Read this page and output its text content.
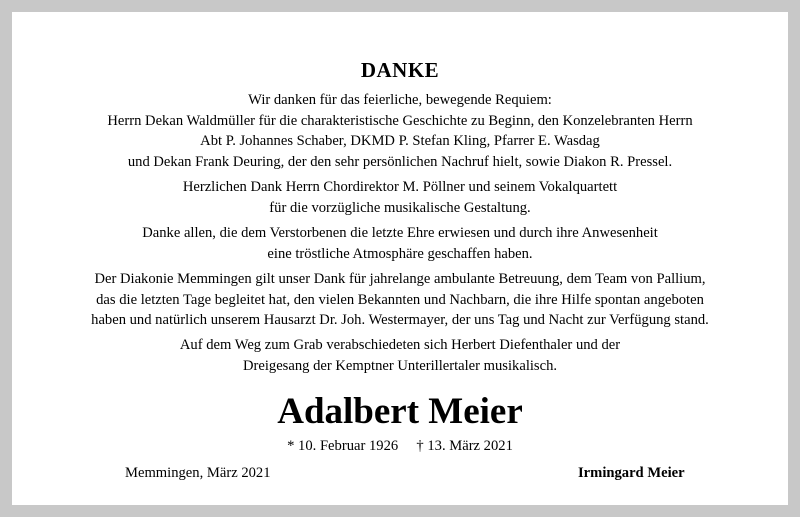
DANKE
Wir danken für das feierliche, bewegende Requiem:
Herrn Dekan Waldmüller für die charakteristische Geschichte zu Beginn, den Konzelebranten Herrn
Abt P. Johannes Schaber, DKMD P. Stefan Kling, Pfarrer E. Wasdag
und Dekan Frank Deuring, der den sehr persönlichen Nachruf hielt, sowie Diakon R. Pressel.
Herzlichen Dank Herrn Chordirektor M. Pöllner und seinem Vokalquartett
für die vorzügliche musikalische Gestaltung.
Danke allen, die dem Verstorbenen die letzte Ehre erwiesen und durch ihre Anwesenheit
eine tröstliche Atmosphäre geschaffen haben.
Der Diakonie Memmingen gilt unser Dank für jahrelange ambulante Betreuung, dem Team von Pallium,
das die letzten Tage begleitet hat, den vielen Bekannten und Nachbarn, die ihre Hilfe spontan angeboten
haben und natürlich unserem Hausarzt Dr. Joh. Westermayer, der uns Tag und Nacht zur Verfügung stand.
Auf dem Weg zum Grab verabschiedeten sich Herbert Diefenthaler und der
Dreigesang der Kemptner Unterillertaler musikalisch.
Adalbert Meier
* 10. Februar 1926     † 13. März 2021
Memmingen, März 2021	Irmingard Meier
